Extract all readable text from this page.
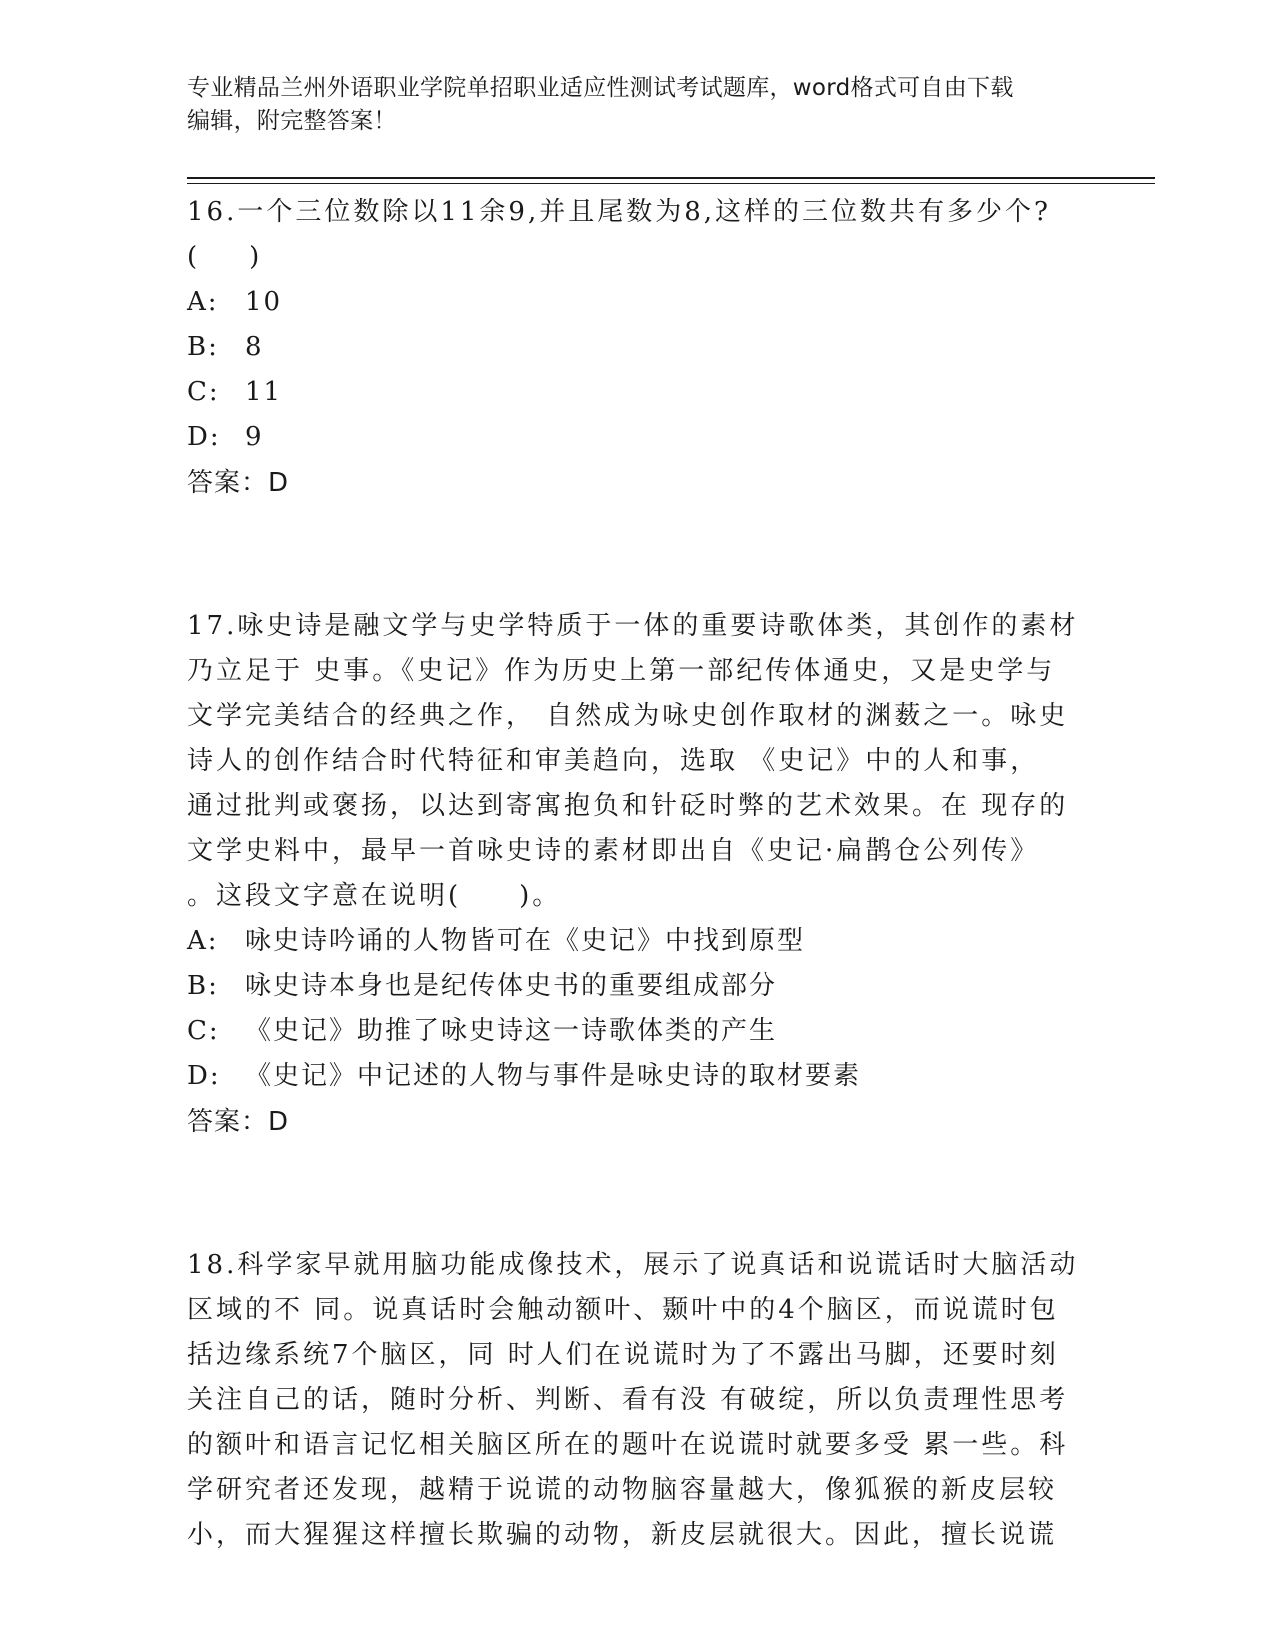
专业精品兰州外语职业学院单招职业适应性测试考试题库，word格式可自由下载
编辑，附完整答案！
16.一个三位数除以11余9,并且尾数为8,这样的三位数共有多少个?
(　　)
A: 10
B: 8
C: 11
D: 9
答案：D
17.咏史诗是融文学与史学特质于一体的重要诗歌体类，其创作的素材
乃立足于 史事。《史记》作为历史上第一部纪传体通史，又是史学与
文学完美结合的经典之作， 自然成为咏史创作取材的渊薮之一。咏史
诗人的创作结合时代特征和审美趋向，选取 《史记》中的人和事，
通过批判或褒扬，以达到寄寓抱负和针砭时弊的艺术效果。在 现存的
文学史料中，最早一首咏史诗的素材即出自《史记·扁鹊仓公列传》
。这段文字意在说明(　　)。
A: 咏史诗吟诵的人物皆可在《史记》中找到原型
B: 咏史诗本身也是纪传体史书的重要组成部分
C: 《史记》助推了咏史诗这一诗歌体类的产生
D: 《史记》中记述的人物与事件是咏史诗的取材要素
答案：D
18.科学家早就用脑功能成像技术，展示了说真话和说谎话时大脑活动
区域的不 同。说真话时会触动额叶、颞叶中的4个脑区，而说谎时包
括边缘系统7个脑区，同 时人们在说谎时为了不露出马脚，还要时刻
关注自己的话，随时分析、判断、看有没 有破绽，所以负责理性思考
的额叶和语言记忆相关脑区所在的题叶在说谎时就要多受 累一些。科
学研究者还发现，越精于说谎的动物脑容量越大，像狐猴的新皮层较
小，而大猩猩这样擅长欺骗的动物，新皮层就很大。因此，擅长说谎
